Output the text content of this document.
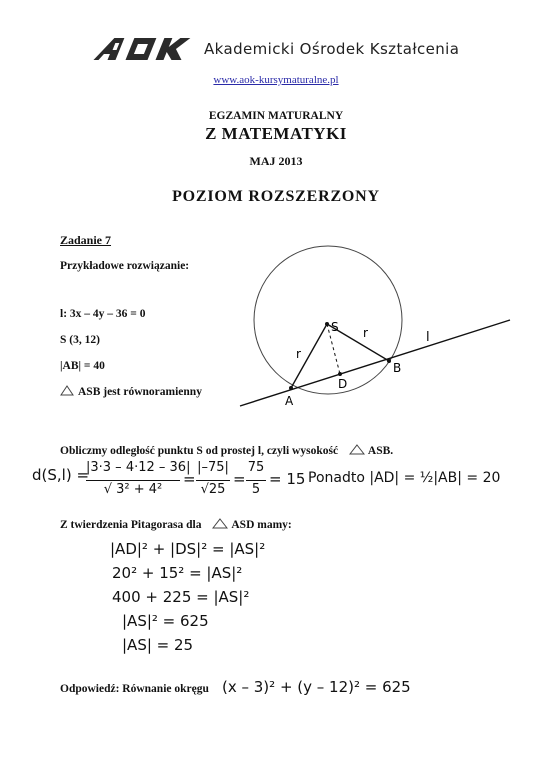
Akademicki Ośrodek Kształcenia
www.aok-kursymaturalne.pl
EGZAMIN MATURALNY
Z MATEMATYKI
MAJ 2013
POZIOM ROZSZERZONY
Zadanie 7
Przykładowe rozwiązanie:
l: 3x – 4y – 36 = 0
S (3, 12)
|AB| = 40
ASB jest równoramienny
S
A
B
D
l
r
r
Obliczmy odległość punktu S od prostej l, czyli wysokość	ASB.
d(S,l) =
|3·3 – 4·12 – 36|
√ 3² + 4²
=
|–75|
√25
=
75
5
= 15 Ponadto |AD| = ½|AB| = 20
Z twierdzenia Pitagorasa dla	ASD mamy:
|AD|² + |DS|² = |AS|²
20² + 15² = |AS|²
400 + 225 = |AS|²
|AS|² = 625
|AS| = 25
Odpowiedź: Równanie okręgu (x – 3)² + (y – 12)² = 625
